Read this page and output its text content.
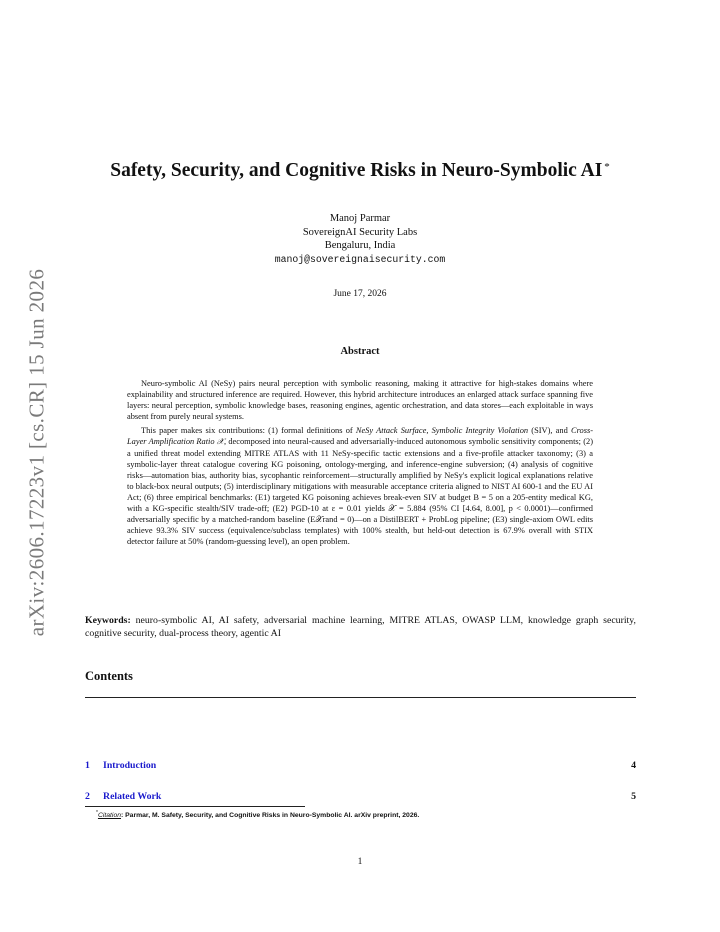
arXiv:2606.17223v1 [cs.CR] 15 Jun 2026
Safety, Security, and Cognitive Risks in Neuro-Symbolic AI *
Manoj Parmar
SovereignAI Security Labs
Bengaluru, India
manoj@sovereignaisecurity.com
June 17, 2026
Abstract

Neuro-symbolic AI (NeSy) pairs neural perception with symbolic reasoning, making it attractive for high-stakes domains where explainability and structured inference are required. However, this hybrid architecture introduces an enlarged attack surface spanning five layers: neural perception, symbolic knowledge bases, reasoning engines, agentic orchestration, and data stores—each exploitable in ways absent from purely neural systems.

This paper makes six contributions: (1) formal definitions of NeSy Attack Surface, Symbolic Integrity Violation (SIV), and Cross-Layer Amplification Ratio 𝒳, decomposed into neural-caused and adversarially-induced autonomous symbolic sensitivity components; (2) a unified threat model extending MITRE ATLAS with 11 NeSy-specific tactic extensions and a five-profile attacker taxonomy; (3) a symbolic-layer threat catalogue covering KG poisoning, ontology-merging, and inference-engine subversion; (4) analysis of cognitive risks—automation bias, authority bias, sycophantic reinforcement—structurally amplified by NeSy's explicit logical explanations relative to black-box neural outputs; (5) interdisciplinary mitigations with measurable acceptance criteria aligned to NIST AI 600-1 and the EU AI Act; (6) three empirical benchmarks: (E1) targeted KG poisoning achieves break-even SIV at budget B = 5 on a 205-entity medical KG, with a KG-specific stealth/SIV trade-off; (E2) PGD-10 at ε = 0.01 yields 𝒳 = 5.884 (95% CI [4.64, 8.00], p < 0.0001)—confirmed adversarially specific by a matched-random baseline (E𝒳rand = 0)—on a DistilBERT + ProbLog pipeline; (E3) single-axiom OWL edits achieve 93.3% SIV success (equivalence/subclass templates) with 100% stealth, but held-out detection is 67.9% overall with STIX detector failure at 50% (random-guessing level), an open problem.

Keywords: neuro-symbolic AI, AI safety, adversarial machine learning, MITRE ATLAS, OWASP LLM, knowledge graph security, cognitive security, dual-process theory, agentic AI
Contents
1	Introduction	4
2	Related Work	5
*Citation: Parmar, M. Safety, Security, and Cognitive Risks in Neuro-Symbolic AI. arXiv preprint, 2026.
1
